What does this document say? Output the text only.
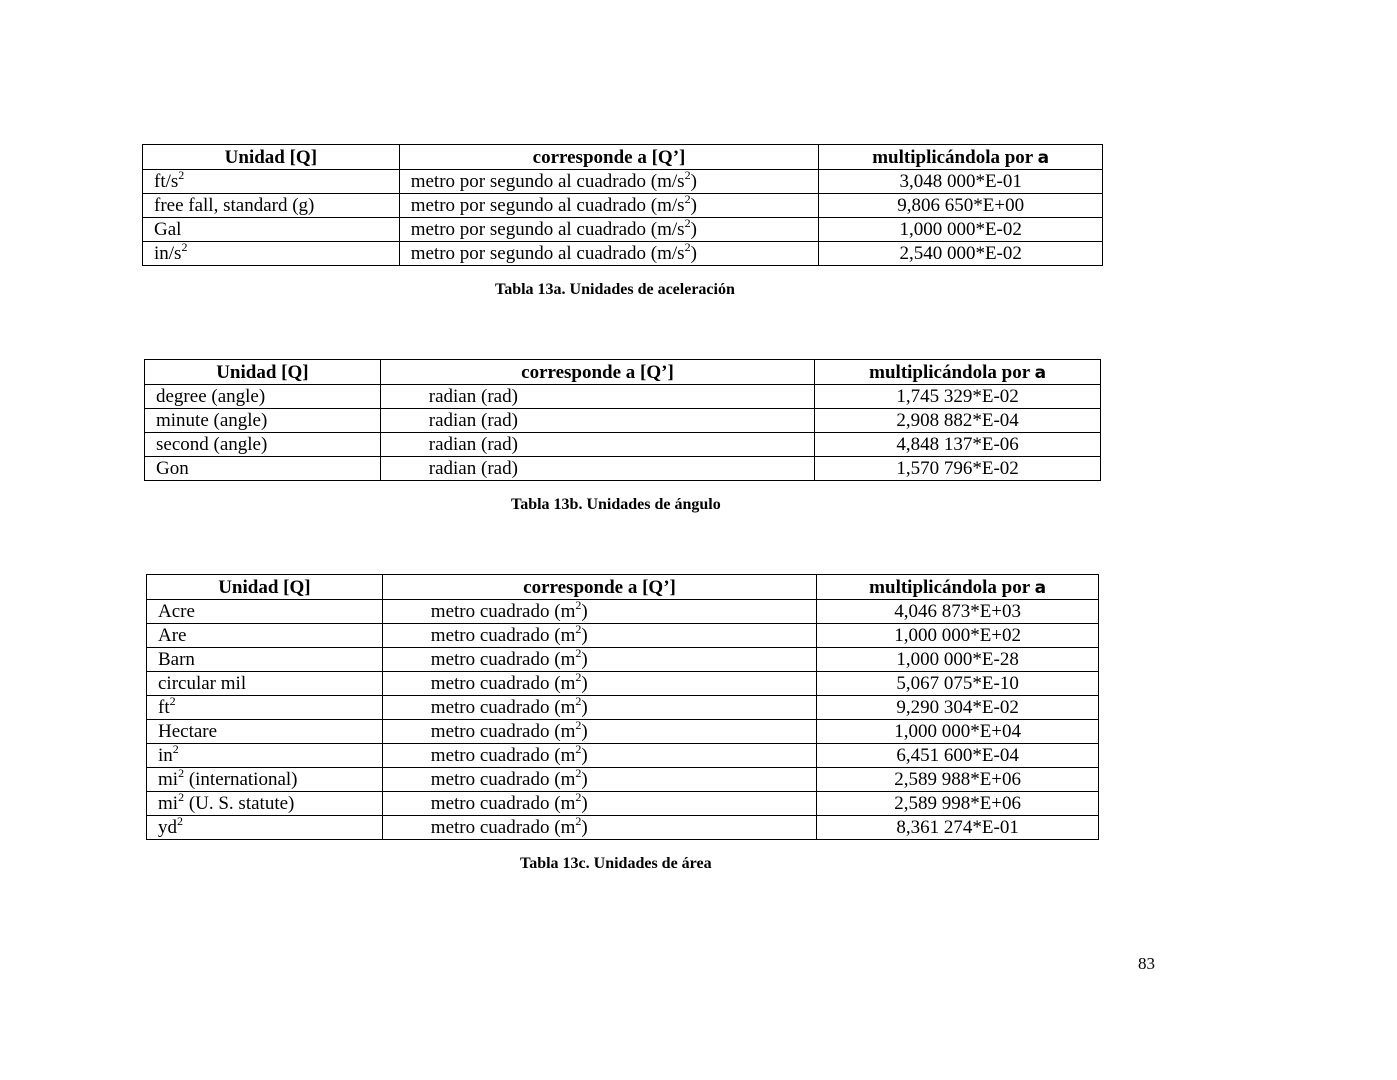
Unidad [Q]	corresponde a [Q’]	multiplicándola por a
$ft/s^2$	metro por segundo al cuadrado $(m/s^2)$	3,048 000*E-01
free fall, standard (g)	metro por segundo al cuadrado $(m/s^2)$	9,806 650*E+00
Gal	metro por segundo al cuadrado $(m/s^2)$	1,000 000*E-02
$in/s^2$	metro por segundo al cuadrado $(m/s^2)$	2,540 000*E-02
Tabla 13a. Unidades de aceleración
Unidad [Q]	corresponde a [Q’]	multiplicándola por a
degree (angle)	radian (rad)	1,745 329*E-02
minute (angle)	radian (rad)	2,908 882*E-04
second (angle)	radian (rad)	4,848 137*E-06
Gon	radian (rad)	1,570 796*E-02
Tabla 13b. Unidades de ángulo
Unidad [Q]	corresponde a [Q’]	multiplicándola por a
Acre	metro cuadrado $(m^2)$	4,046 873*E+03
Are	metro cuadrado $(m^2)$	1,000 000*E+02
Barn	metro cuadrado $(m^2)$	1,000 000*E-28
circular mil	metro cuadrado $(m^2)$	5,067 075*E-10
$ft^2$	metro cuadrado $(m^2)$	9,290 304*E-02
Hectare	metro cuadrado $(m^2)$	1,000 000*E+04
$in^2$	metro cuadrado $(m^2)$	6,451 600*E-04
$mi^2$ (international)	metro cuadrado $(m^2)$	2,589 988*E+06
$mi^2$ (U. S. statute)	metro cuadrado $(m^2)$	2,589 998*E+06
$yd^2$	metro cuadrado $(m^2)$	8,361 274*E-01
Tabla 13c. Unidades de área
83
